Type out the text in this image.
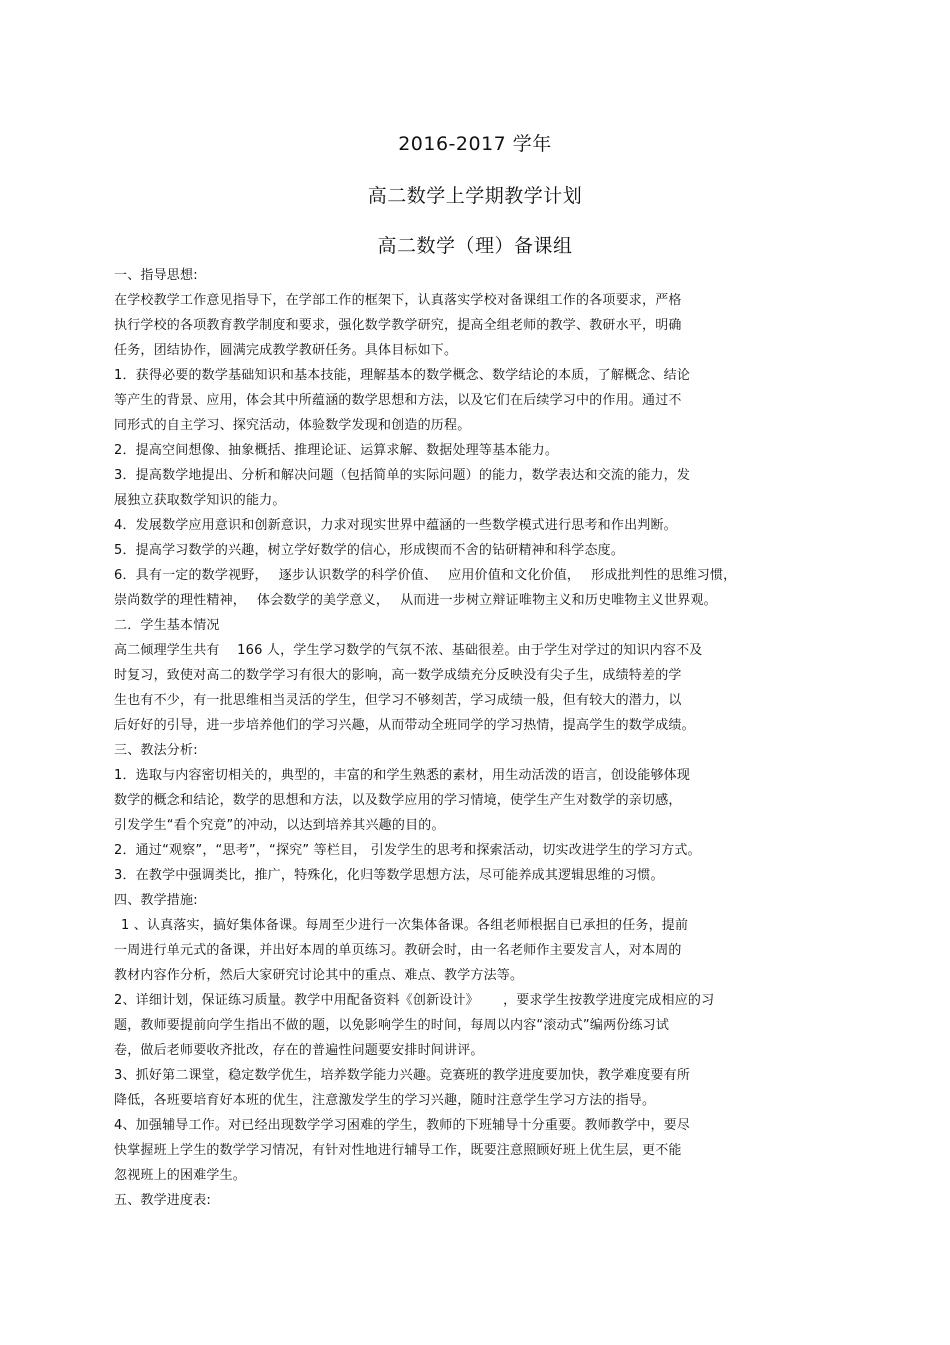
2016-2017 学年
高二数学上学期教学计划
高二数学（理）备课组
一、指导思想:
在学校教学工作意见指导下，在学部工作的框架下，认真落实学校对备课组工作的各项要求，严格
执行学校的各项教育教学制度和要求，强化数学教学研究，提高全组老师的教学、教研水平，明确
任务，团结协作，圆满完成教学教研任务。具体目标如下。
1．获得必要的数学基础知识和基本技能，理解基本的数学概念、数学结论的本质，了解概念、结论
等产生的背景、应用，体会其中所蕴涵的数学思想和方法，以及它们在后续学习中的作用。通过不
同形式的自主学习、探究活动，体验数学发现和创造的历程。
2．提高空间想像、抽象概括、推理论证、运算求解、数据处理等基本能力。
3．提高数学地提出、分析和解决问题（包括简单的实际问题）的能力，数学表达和交流的能力，发
展独立获取数学知识的能力。
4．发展数学应用意识和创新意识，力求对现实世界中蕴涵的一些数学模式进行思考和作出判断。
5．提高学习数学的兴趣，树立学好数学的信心，形成锲而不舍的钻研精神和科学态度。
6．具有一定的数学视野，　 逐步认识数学的科学价值、　 应用价值和文化价值，　 形成批判性的思维习惯，
崇尚数学的理性精神，　 体会数学的美学意义，　 从而进一步树立辩证唯物主义和历史唯物主义世界观。
二．学生基本情况
高二倾理学生共有　 166 人，学生学习数学的气氛不浓、基础很差。由于学生对学过的知识内容不及
时复习，致使对高二的数学学习有很大的影响，高一数学成绩充分反映没有尖子生，成绩特差的学
生也有不少，有一批思维相当灵活的学生，但学习不够刻苦，学习成绩一般，但有较大的潜力，以
后好好的引导，进一步培养他们的学习兴趣，从而带动全班同学的学习热情，提高学生的数学成绩。
三、教法分析:
1．选取与内容密切相关的，典型的，丰富的和学生熟悉的素材，用生动活泼的语言，创设能够体现
数学的概念和结论，数学的思想和方法，以及数学应用的学习情境，使学生产生对数学的亲切感，
引发学生“看个究竟”的冲动，以达到培养其兴趣的目的。
2．通过“观察”，“思考”，“探究” 等栏目， 引发学生的思考和探索活动，切实改进学生的学习方式。
3．在教学中强调类比，推广，特殊化，化归等数学思想方法，尽可能养成其逻辑思维的习惯。
四、教学措施:
1 、认真落实，搞好集体备课。每周至少进行一次集体备课。各组老师根据自已承担的任务，提前
一周进行单元式的备课，并出好本周的单页练习。教研会时，由一名老师作主要发言人，对本周的
教材内容作分析，然后大家研究讨论其中的重点、难点、教学方法等。
2、详细计划，保证练习质量。教学中用配备资料《创新设计》　　 ，要求学生按教学进度完成相应的习
题，教师要提前向学生指出不做的题，以免影响学生的时间，每周以内容“滚动式”编两份练习试
卷，做后老师要收齐批改，存在的普遍性问题要安排时间讲评。
3、抓好第二课堂，稳定数学优生，培养数学能力兴趣。竞赛班的教学进度要加快，教学难度要有所
降低，各班要培育好本班的优生，注意激发学生的学习兴趣，随时注意学生学习方法的指导。
4、加强辅导工作。对已经出现数学学习困难的学生，教师的下班辅导十分重要。教师教学中，要尽
快掌握班上学生的数学学习情况，有针对性地进行辅导工作，既要注意照顾好班上优生层，更不能
忽视班上的困难学生。
五、教学进度表:
